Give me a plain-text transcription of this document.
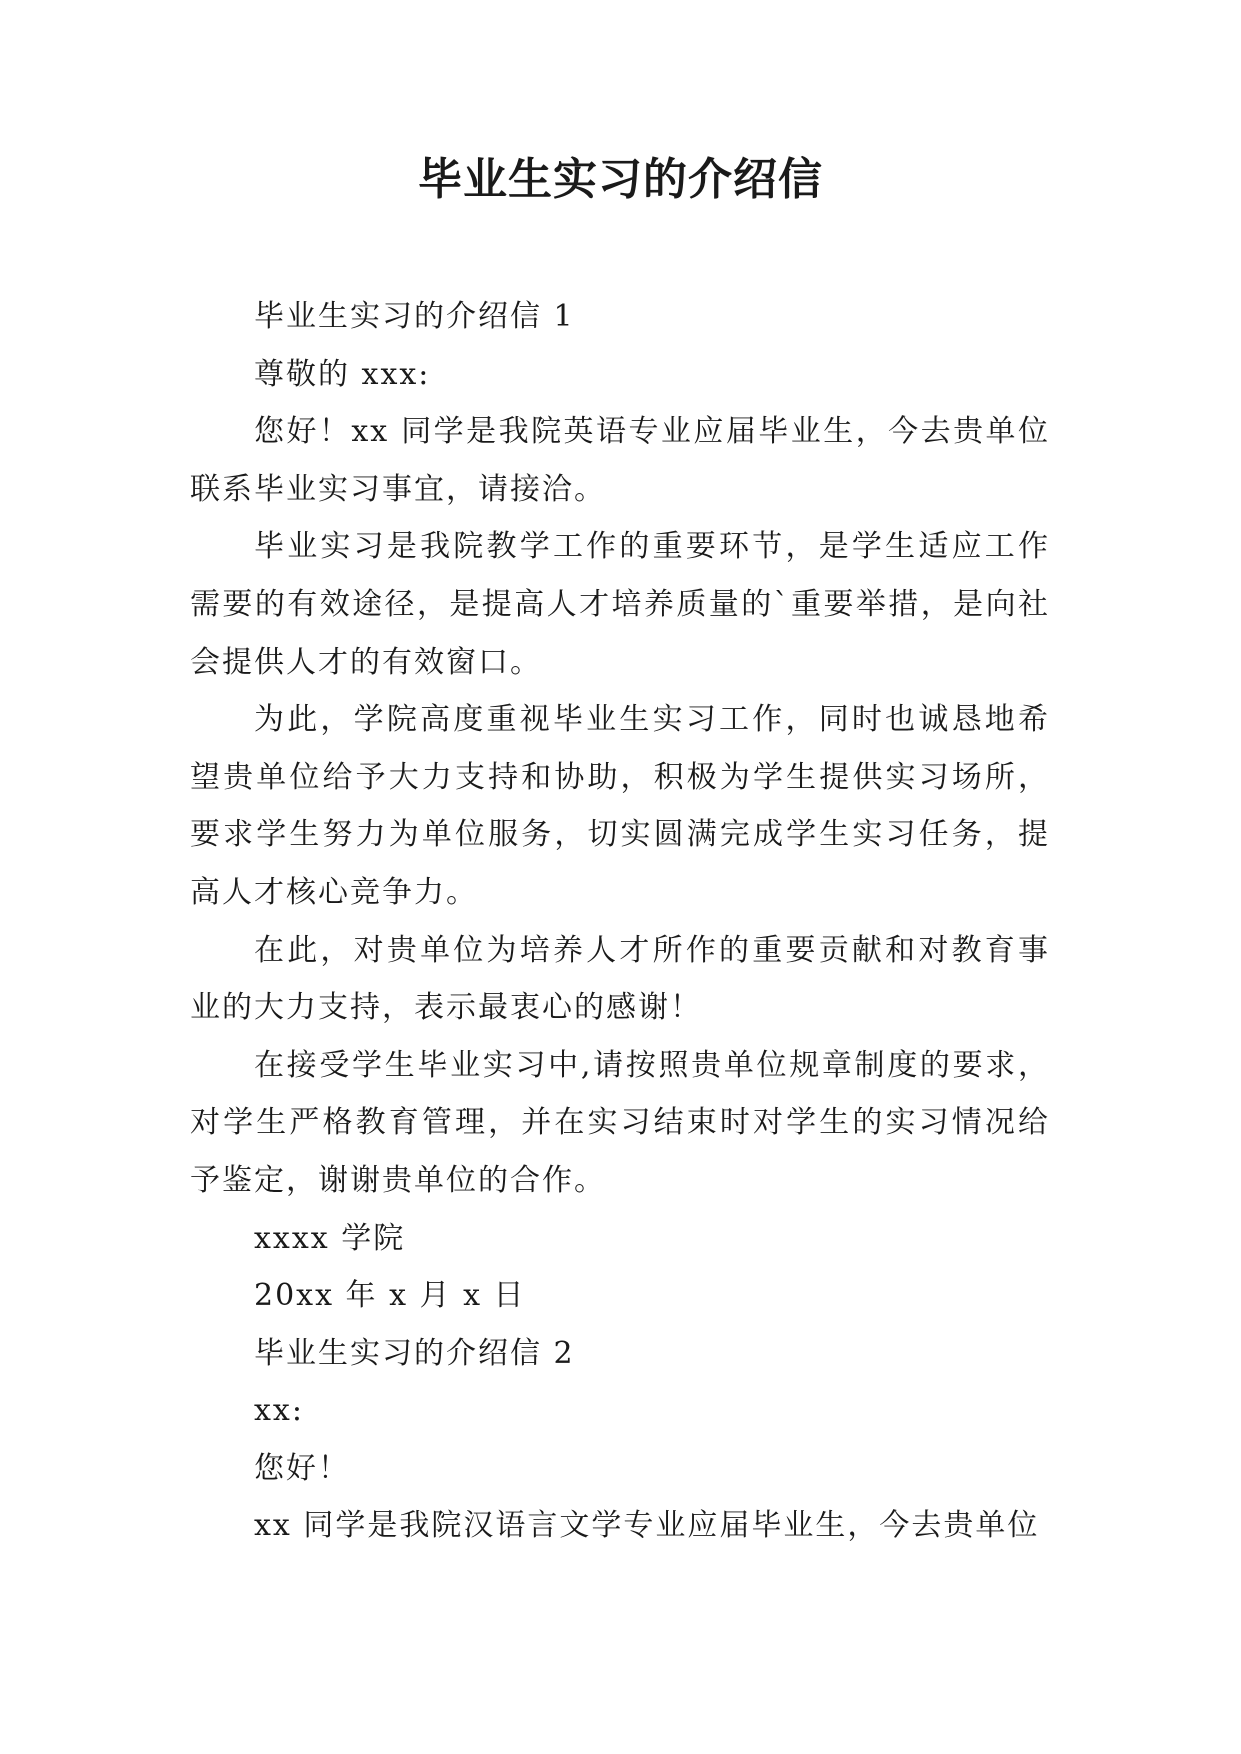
毕业生实习的介绍信

毕业生实习的介绍信 1

尊敬的 xxx:

您好！xx 同学是我院英语专业应届毕业生，今去贵单位联系毕业实习事宜，请接洽。

毕业实习是我院教学工作的重要环节，是学生适应工作需要的有效途径，是提高人才培养质量的`重要举措，是向社会提供人才的有效窗口。

为此，学院高度重视毕业生实习工作，同时也诚恳地希望贵单位给予大力支持和协助，积极为学生提供实习场所，要求学生努力为单位服务，切实圆满完成学生实习任务，提高人才核心竞争力。

在此，对贵单位为培养人才所作的重要贡献和对教育事业的大力支持，表示最衷心的感谢！

在接受学生毕业实习中,请按照贵单位规章制度的要求，对学生严格教育管理，并在实习结束时对学生的实习情况给予鉴定，谢谢贵单位的合作。

xxxx 学院

20xx 年 x 月 x 日

毕业生实习的介绍信 2

xx:

您好！

xx 同学是我院汉语言文学专业应届毕业生，今去贵单位
